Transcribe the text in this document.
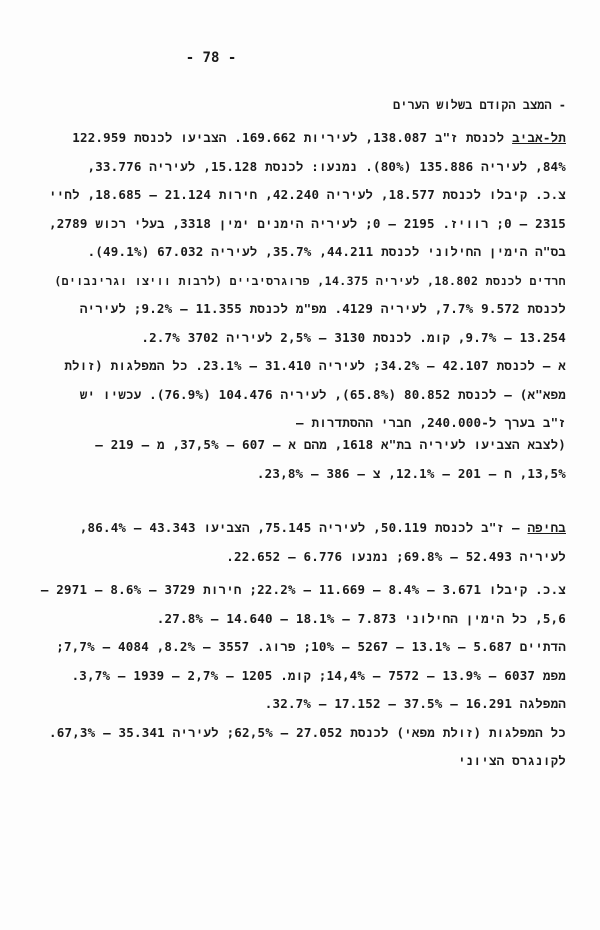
- 78 -
- המצב הקודם בשלוש הערים
תל-אביב לכנסת ז"ב 138.087, לעיריות 169.662. הצביעו לכנסת 122.959
84%, לעיריה 135.886 (80%). נמנעו: לכנסת 15.128, לעיריה 33.776,
צ.כ. קיבלו לכנסת 18.577, לעיריה 42.240, חירות 21.124 – 18.685, לחיי
2315 – 0; רוויז. 2195 – 0; לעיריה הימנים ימין 3318, בעלי רכוש 2789,
בס"ה הימין החילוני לכנסת 44.211, 35.7%, לעיריה 67.032 (49.1%).
חרדים לכנסת 18.802, לעיריה 14.375, פרוגרסיביים (לרבות וויצו וגרינבוים)
לכנסת 9.572 7.7%, לעיריה 4129. מפ"מ לכנסת 11.355 – 9.2%; לעיריה
13.254 – 9.7%, קומ. לכנסת 3130 – 2,5% לעיריה 3702 2.7%.
א – לכנסת 42.107 – 34.2%; לעיריה 31.410 – 23.1%. כל המפלגות (זולת
מפא"א) – לכנסת 80.852 (65.8%), לעיריה 104.476 (76.9%). עכשיו יש
ז"ב בערך ל-240.000, חברי ההסתדרות –
(לצבא הצביעו לעיריה בת"א 1618, מהם א – 607 – 37,5%, מ – 219 –
13,5%, ח – 201 – 12.1%, צ – 386 – 23,8%.
בחיפה – ז"ב לכנסת 50.119, לעיריה 75.145, הצביעו 43.343 – 86.4%,
לעיריה 52.493 – 69.8%; נמנעו 6.776 – 22.652.
צ.כ. קיבלו 3.671 – 8.4% – 11.669 – 22.2%; חירות 3729 – 8.6% – 2971 –
5,6, כל הימין החילוני 7.873 – 18.1% – 14.640 – 27.8%.
הדתיים 5.687 – 13.1% – 5267 – 10%; פרוג. 3557 – 8.2%, 4084 – 7,7%;
מפמ 6037 – 13.9% – 7572 – 14,4%; קומ. 1205 – 2,7% – 1939 – 3,7%.
המפלגה 16.291 – 37.5% – 17.152 – 32.7%.
כל המפלגות (זולת מפאי) לכנסת 27.052 – 62,5%; לעיריה 35.341 – 67,3%.
לקונגרס הציוני
